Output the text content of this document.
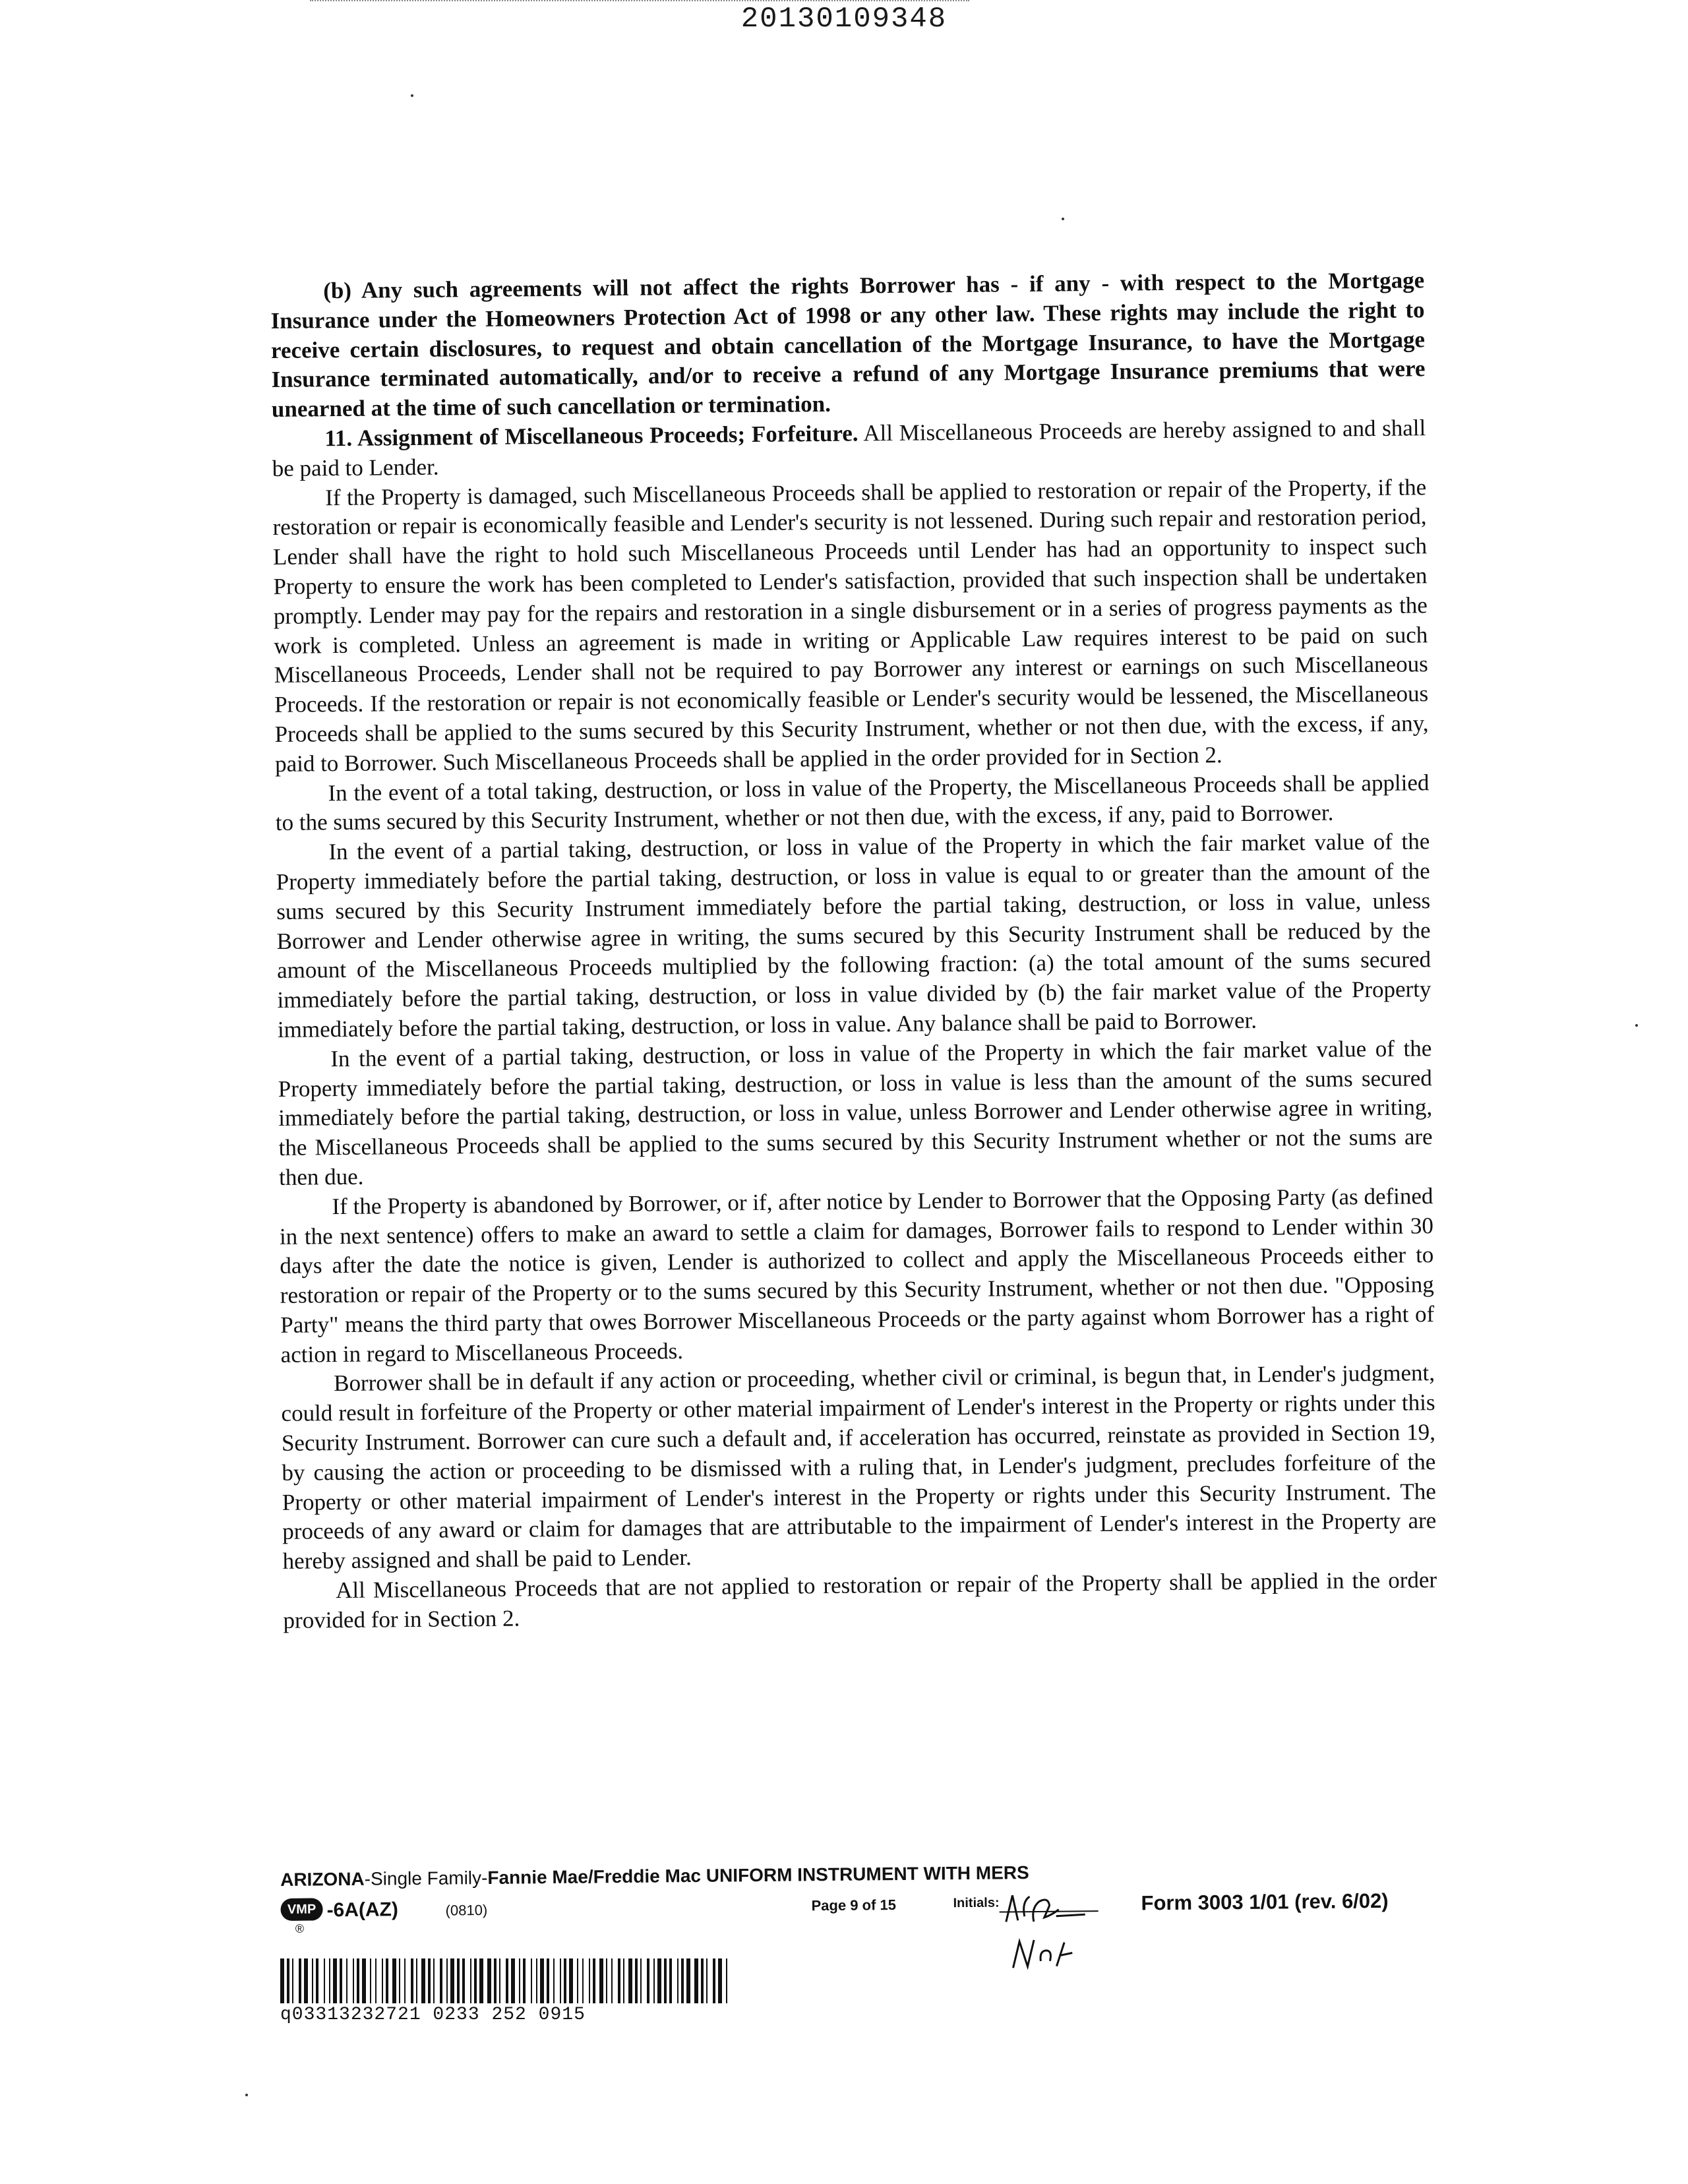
20130109348

(b) Any such agreements will not affect the rights Borrower has - if any - with respect to the Mortgage Insurance under the Homeowners Protection Act of 1998 or any other law. These rights may include the right to receive certain disclosures, to request and obtain cancellation of the Mortgage Insurance, to have the Mortgage Insurance terminated automatically, and/or to receive a refund of any Mortgage Insurance premiums that were unearned at the time of such cancellation or termination.

11. Assignment of Miscellaneous Proceeds; Forfeiture. All Miscellaneous Proceeds are hereby assigned to and shall be paid to Lender.

If the Property is damaged, such Miscellaneous Proceeds shall be applied to restoration or repair of the Property, if the restoration or repair is economically feasible and Lender's security is not lessened. During such repair and restoration period, Lender shall have the right to hold such Miscellaneous Proceeds until Lender has had an opportunity to inspect such Property to ensure the work has been completed to Lender's satisfaction, provided that such inspection shall be undertaken promptly. Lender may pay for the repairs and restoration in a single disbursement or in a series of progress payments as the work is completed. Unless an agreement is made in writing or Applicable Law requires interest to be paid on such Miscellaneous Proceeds, Lender shall not be required to pay Borrower any interest or earnings on such Miscellaneous Proceeds. If the restoration or repair is not economically feasible or Lender's security would be lessened, the Miscellaneous Proceeds shall be applied to the sums secured by this Security Instrument, whether or not then due, with the excess, if any, paid to Borrower. Such Miscellaneous Proceeds shall be applied in the order provided for in Section 2.

In the event of a total taking, destruction, or loss in value of the Property, the Miscellaneous Proceeds shall be applied to the sums secured by this Security Instrument, whether or not then due, with the excess, if any, paid to Borrower.

In the event of a partial taking, destruction, or loss in value of the Property in which the fair market value of the Property immediately before the partial taking, destruction, or loss in value is equal to or greater than the amount of the sums secured by this Security Instrument immediately before the partial taking, destruction, or loss in value, unless Borrower and Lender otherwise agree in writing, the sums secured by this Security Instrument shall be reduced by the amount of the Miscellaneous Proceeds multiplied by the following fraction: (a) the total amount of the sums secured immediately before the partial taking, destruction, or loss in value divided by (b) the fair market value of the Property immediately before the partial taking, destruction, or loss in value. Any balance shall be paid to Borrower.

In the event of a partial taking, destruction, or loss in value of the Property in which the fair market value of the Property immediately before the partial taking, destruction, or loss in value is less than the amount of the sums secured immediately before the partial taking, destruction, or loss in value, unless Borrower and Lender otherwise agree in writing, the Miscellaneous Proceeds shall be applied to the sums secured by this Security Instrument whether or not the sums are then due.

If the Property is abandoned by Borrower, or if, after notice by Lender to Borrower that the Opposing Party (as defined in the next sentence) offers to make an award to settle a claim for damages, Borrower fails to respond to Lender within 30 days after the date the notice is given, Lender is authorized to collect and apply the Miscellaneous Proceeds either to restoration or repair of the Property or to the sums secured by this Security Instrument, whether or not then due. "Opposing Party" means the third party that owes Borrower Miscellaneous Proceeds or the party against whom Borrower has a right of action in regard to Miscellaneous Proceeds.

Borrower shall be in default if any action or proceeding, whether civil or criminal, is begun that, in Lender's judgment, could result in forfeiture of the Property or other material impairment of Lender's interest in the Property or rights under this Security Instrument. Borrower can cure such a default and, if acceleration has occurred, reinstate as provided in Section 19, by causing the action or proceeding to be dismissed with a ruling that, in Lender's judgment, precludes forfeiture of the Property or other material impairment of Lender's interest in the Property or rights under this Security Instrument. The proceeds of any award or claim for damages that are attributable to the impairment of Lender's interest in the Property are hereby assigned and shall be paid to Lender.

All Miscellaneous Proceeds that are not applied to restoration or repair of the Property shall be applied in the order provided for in Section 2.

ARIZONA-Single Family-Fannie Mae/Freddie Mac UNIFORM INSTRUMENT WITH MERS
VMP -6A(AZ)	(0810)
®
Page 9 of 15	Initials:	Form 3003 1/01 (rev. 6/02)
q03313232721 0233 252 0915
